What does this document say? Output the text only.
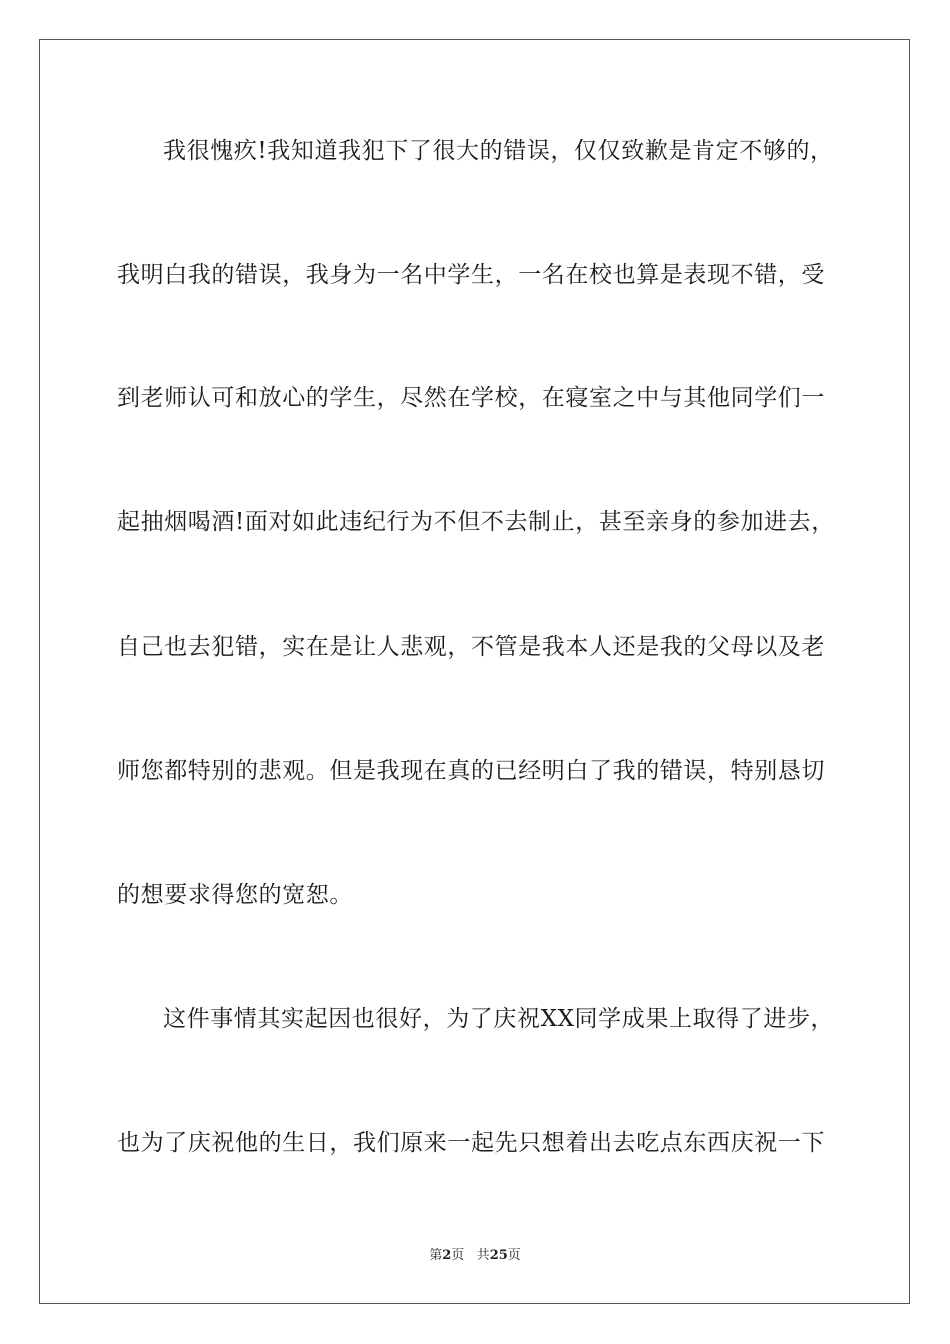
我很愧疚!我知道我犯下了很大的错误，仅仅致歉是肯定不够的，
我明白我的错误，我身为一名中学生，一名在校也算是表现不错，受
到老师认可和放心的学生，尽然在学校，在寝室之中与其他同学们一
起抽烟喝酒!面对如此违纪行为不但不去制止，甚至亲身的参加进去，
自己也去犯错，实在是让人悲观，不管是我本人还是我的父母以及老
师您都特别的悲观。但是我现在真的已经明白了我的错误，特别恳切
的想要求得您的宽恕。
这件事情其实起因也很好，为了庆祝XX同学成果上取得了进步，
也为了庆祝他的生日，我们原来一起先只想着出去吃点东西庆祝一下
第2页 共25页
